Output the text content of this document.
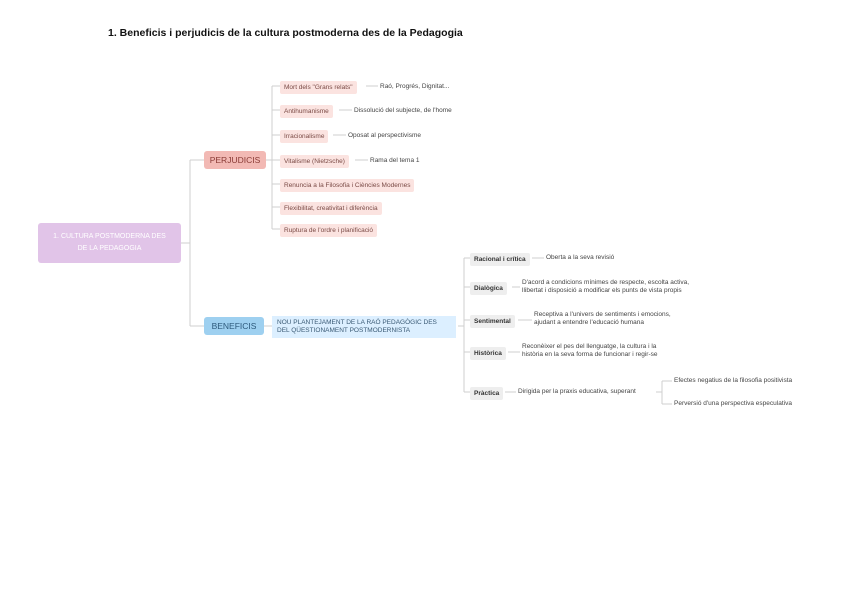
1. Beneficis i perjudicis de la cultura postmoderna des de la Pedagogia
1. CULTURA POSTMODERNA DES
DE LA PEDAGOGIA
PERJUDICIS
Mort dels "Grans relats"	Raó, Progrés, Dignitat...
Antihumanisme	Dissolució del subjecte, de l'home
Irracionalisme	Oposat al perspectivisme
Vitalisme (Nietzsche)	Rama del tema 1
Renuncia a la Filosofia i Ciències Modernes
Flexibilitat, creativitat i diferència
Ruptura de l'ordre i planificació
BENEFICIS	NOU PLANTEJAMENT DE LA RAÓ PEDAGÒGIC DES
DEL QÜESTIONAMENT POSTMODERNISTA
Racional i crítica	Oberta a la seva revisió
Dialògica
D'acord a condicions mínimes de respecte, escolta activa,
llibertat i disposició a modificar els punts de vista propis
Sentimental
Receptiva a l'univers de sentiments i emocions,
ajudant a entendre l'educació humana
Històrica
Reconèixer el pes del llenguatge, la cultura i la
història en la seva forma de funcionar i regir-se
Pràctica	Dirigida per la praxis educativa, superant
Efectes negatius de la filosofia positivista
Perversió d'una perspectiva especulativa
